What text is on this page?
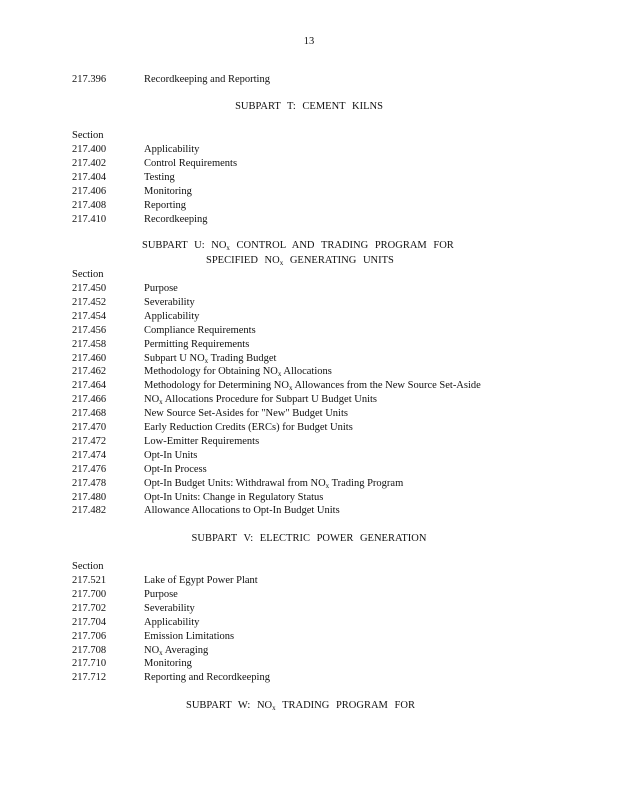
13
217.396	Recordkeeping and Reporting
SUBPART T: CEMENT KILNS
Section
217.400	Applicability
217.402	Control Requirements
217.404	Testing
217.406	Monitoring
217.408	Reporting
217.410	Recordkeeping
SUBPART U: $NO_x$ CONTROL AND TRADING PROGRAM FOR
SPECIFIED $NO_x$ GENERATING UNITS
Section
217.450	Purpose
217.452	Severability
217.454	Applicability
217.456	Compliance Requirements
217.458	Permitting Requirements
217.460	Subpart U $NO_x$ Trading Budget
217.462	Methodology for Obtaining $NO_x$ Allocations
217.464	Methodology for Determining $NO_x$ Allowances from the New Source Set-Aside
217.466	$NO_x$ Allocations Procedure for Subpart U Budget Units
217.468	New Source Set-Asides for "New" Budget Units
217.470	Early Reduction Credits (ERCs) for Budget Units
217.472	Low-Emitter Requirements
217.474	Opt-In Units
217.476	Opt-In Process
217.478	Opt-In Budget Units: Withdrawal from $NO_x$ Trading Program
217.480	Opt-In Units: Change in Regulatory Status
217.482	Allowance Allocations to Opt-In Budget Units
SUBPART V: ELECTRIC POWER GENERATION
Section
217.521	Lake of Egypt Power Plant
217.700	Purpose
217.702	Severability
217.704	Applicability
217.706	Emission Limitations
217.708	$NO_x$ Averaging
217.710	Monitoring
217.712	Reporting and Recordkeeping
SUBPART W: $NO_x$ TRADING PROGRAM FOR
